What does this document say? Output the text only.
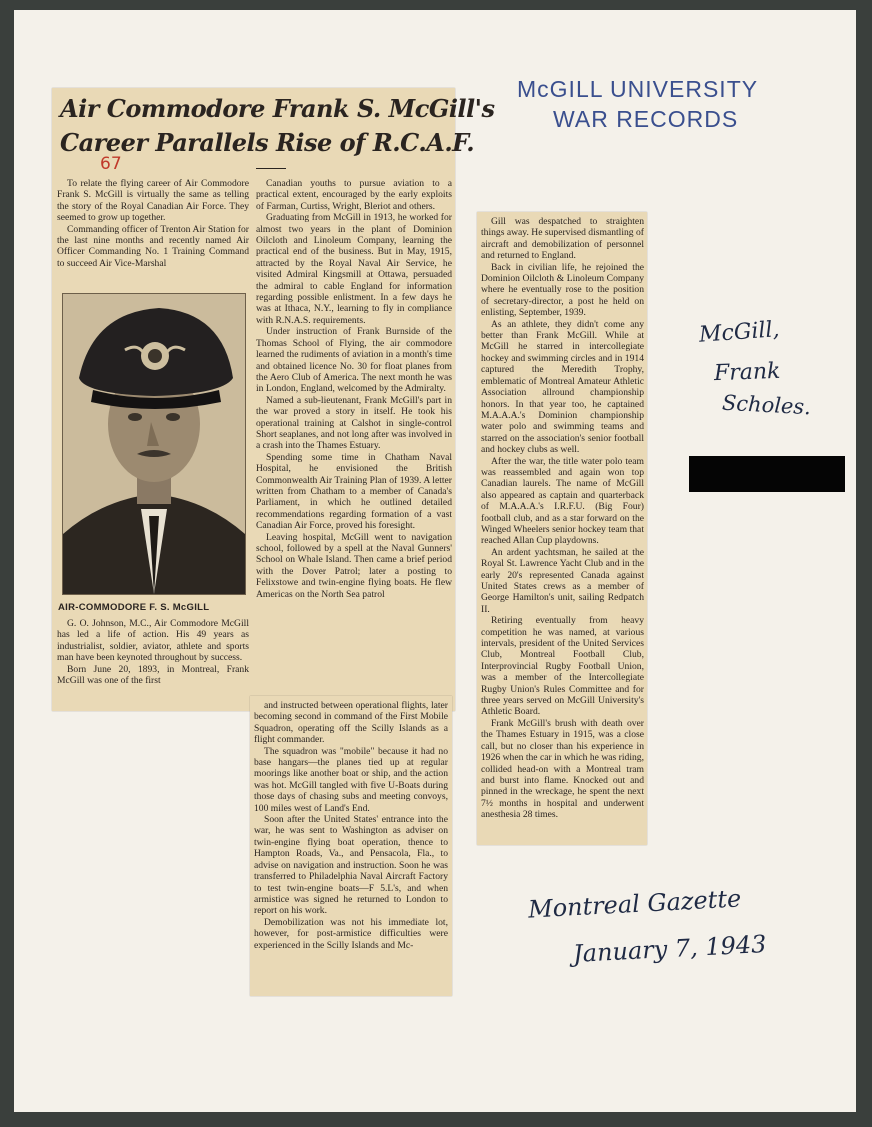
McGILL UNIVERSITY
WAR RECORDS
Air Commodore Frank S. McGill's
Career Parallels Rise of R.C.A.F.
67

To relate the flying career of Air Commodore Frank S. McGill is virtually the same as telling the story of the Royal Canadian Air Force. They seemed to grow up together.

Commanding officer of Trenton Air Station for the last nine months and recently named Air Officer Commanding No. 1 Training Command to succeed Air Vice-Marshal

AIR-COMMODORE F. S. McGILL

G. O. Johnson, M.C., Air Commodore McGill has led a life of action. His 49 years as industrialist, soldier, aviator, athlete and sports man have been keynoted throughout by success.

Born June 20, 1893, in Montreal, Frank McGill was one of the first

Canadian youths to pursue aviation to a practical extent, encouraged by the early exploits of Farman, Curtiss, Wright, Bleriot and others.

Graduating from McGill in 1913, he worked for almost two years in the plant of Dominion Oilcloth and Linoleum Company, learning the practical end of the business. But in May, 1915, attracted by the Royal Naval Air Service, he visited Admiral Kingsmill at Ottawa, persuaded the admiral to cable England for information regarding possible enlistment. In a few days he was at Ithaca, N.Y., learning to fly in compliance with R.N.A.S. requirements.

Under instruction of Frank Burnside of the Thomas School of Flying, the air commodore learned the rudiments of aviation in a month's time and obtained licence No. 30 for float planes from the Aero Club of America. The next month he was in London, England, welcomed by the Admiralty.

Named a sub-lieutenant, Frank McGill's part in the war proved a story in itself. He took his operational training at Calshot in single-control Short seaplanes, and not long after was involved in a crash into the Thames Estuary.

Spending some time in Chatham Naval Hospital, he envisioned the British Commonwealth Air Training Plan of 1939. A letter written from Chatham to a member of Canada's Parliament, in which he outlined detailed recommendations regarding formation of a vast Canadian Air Force, proved his foresight.

Leaving hospital, McGill went to navigation school, followed by a spell at the Naval Gunners' School on Whale Island. Then came a brief period with the Dover Patrol; later a posting to Felixstowe and twin-engine flying boats. He flew Americas on the North Sea patrol

and instructed between operational flights, later becoming second in command of the First Mobile Squadron, operating off the Scilly Islands as a flight commander.

The squadron was "mobile" because it had no base hangars—the planes tied up at regular moorings like another boat or ship, and the action was hot. McGill tangled with five U-Boats during those days of chasing subs and meeting convoys, 100 miles west of Land's End.

Soon after the United States' entrance into the war, he was sent to Washington as adviser on twin-engine flying boat operation, thence to Hampton Roads, Va., and Pensacola, Fla., to advise on navigation and instruction. Soon he was transferred to Philadelphia Naval Aircraft Factory to test twin-engine boats—F 5.L's, and when armistice was signed he returned to London to report on his work.

Demobilization was not his immediate lot, however, for post-armistice difficulties were experienced in the Scilly Islands and Mc-

Gill was despatched to straighten things away. He supervised dismantling of aircraft and demobilization of personnel and returned to England.

Back in civilian life, he rejoined the Dominion Oilcloth & Linoleum Company where he eventually rose to the position of secretary-director, a post he held on enlisting, September, 1939.

As an athlete, they didn't come any better than Frank McGill. While at McGill he starred in intercollegiate hockey and swimming circles and in 1914 captured the Meredith Trophy, emblematic of Montreal Amateur Athletic Association allround championship honors. In that year too, he captained M.A.A.A.'s Dominion championship water polo and swimming teams and starred on the association's senior football and hockey clubs as well.

After the war, the title water polo team was reassembled and again won top Canadian laurels. The name of McGill also appeared as captain and quarterback of M.A.A.A.'s I.R.F.U. (Big Four) football club, and as a star forward on the Winged Wheelers senior hockey team that reached Allan Cup playdowns.

An ardent yachtsman, he sailed at the Royal St. Lawrence Yacht Club and in the early 20's represented Canada against United States crews as a member of George Hamilton's unit, sailing Redpatch II.

Retiring eventually from heavy competition he was named, at various intervals, president of the United Services Club, Montreal Football Club, Interprovincial Rugby Football Union, was a member of the Intercollegiate Rugby Union's Rules Committee and for three years served on McGill University's Athletic Board.

Frank McGill's brush with death over the Thames Estuary in 1915, was a close call, but no closer than his experience in 1926 when the car in which he was riding, collided head-on with a Montreal tram and burst into flame. Knocked out and pinned in the wreckage, he spent the next 7½ months in hospital and underwent anesthesia 28 times.

McGill,
Frank
Scholes.
Montreal Gazette
January 7, 1943
